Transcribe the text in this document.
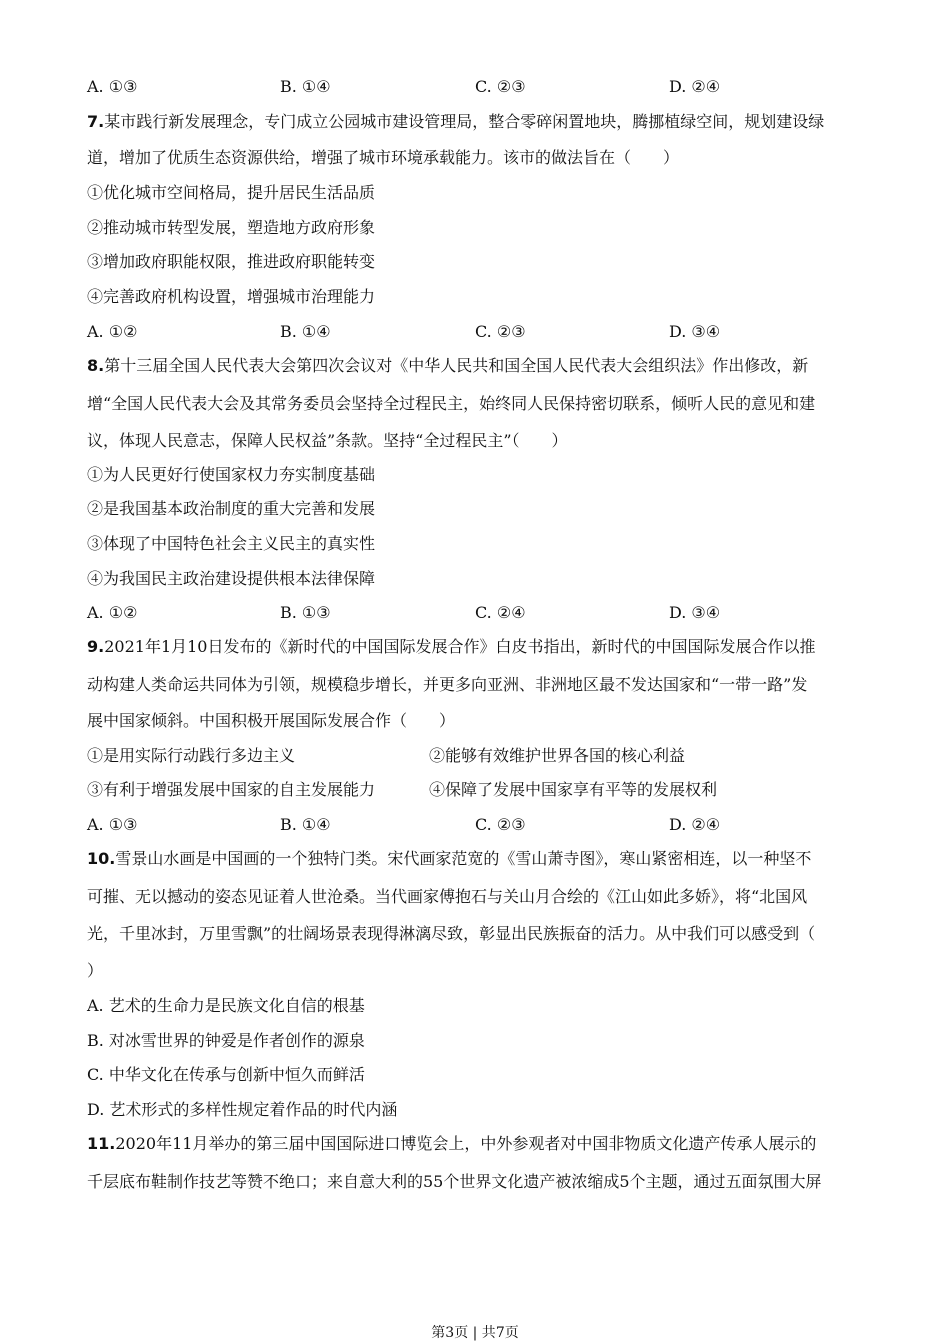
A. ①③	B. ①④	C. ②③	D. ②④
7.某市践行新发展理念，专门成立公园城市建设管理局，整合零碎闲置地块，腾挪植绿空间，规划建设绿
道，增加了优质生态资源供给，增强了城市环境承载能力。该市的做法旨在（　　）
①优化城市空间格局，提升居民生活品质
②推动城市转型发展，塑造地方政府形象
③增加政府职能权限，推进政府职能转变
④完善政府机构设置，增强城市治理能力
A. ①②	B. ①④	C. ②③	D. ③④
8.第十三届全国人民代表大会第四次会议对《中华人民共和国全国人民代表大会组织法》作出修改，新
增“全国人民代表大会及其常务委员会坚持全过程民主，始终同人民保持密切联系，倾听人民的意见和建
议，体现人民意志，保障人民权益”条款。坚持“全过程民主”（　　）
①为人民更好行使国家权力夯实制度基础
②是我国基本政治制度的重大完善和发展
③体现了中国特色社会主义民主的真实性
④为我国民主政治建设提供根本法律保障
A. ①②	B. ①③	C. ②④	D. ③④
9.2021年1月10日发布的《新时代的中国国际发展合作》白皮书指出，新时代的中国国际发展合作以推
动构建人类命运共同体为引领，规模稳步增长，并更多向亚洲、非洲地区最不发达国家和“一带一路”发
展中国家倾斜。中国积极开展国际发展合作（　　）
①是用实际行动践行多边主义	②能够有效维护世界各国的核心利益
③有利于增强发展中国家的自主发展能力	④保障了发展中国家享有平等的发展权利
A. ①③	B. ①④	C. ②③	D. ②④
10.雪景山水画是中国画的一个独特门类。宋代画家范宽的《雪山萧寺图》，寒山紧密相连，以一种坚不
可摧、无以撼动的姿态见证着人世沧桑。当代画家傅抱石与关山月合绘的《江山如此多娇》，将“北国风
光，千里冰封，万里雪飘”的壮阔场景表现得淋漓尽致，彰显出民族振奋的活力。从中我们可以感受到（
）
A. 艺术的生命力是民族文化自信的根基
B. 对冰雪世界的钟爱是作者创作的源泉
C. 中华文化在传承与创新中恒久而鲜活
D. 艺术形式的多样性规定着作品的时代内涵
11.2020年11月举办的第三届中国国际进口博览会上，中外参观者对中国非物质文化遗产传承人展示的
千层底布鞋制作技艺等赞不绝口；来自意大利的55个世界文化遗产被浓缩成5个主题，通过五面氛围大屏
第3页 | 共7页
